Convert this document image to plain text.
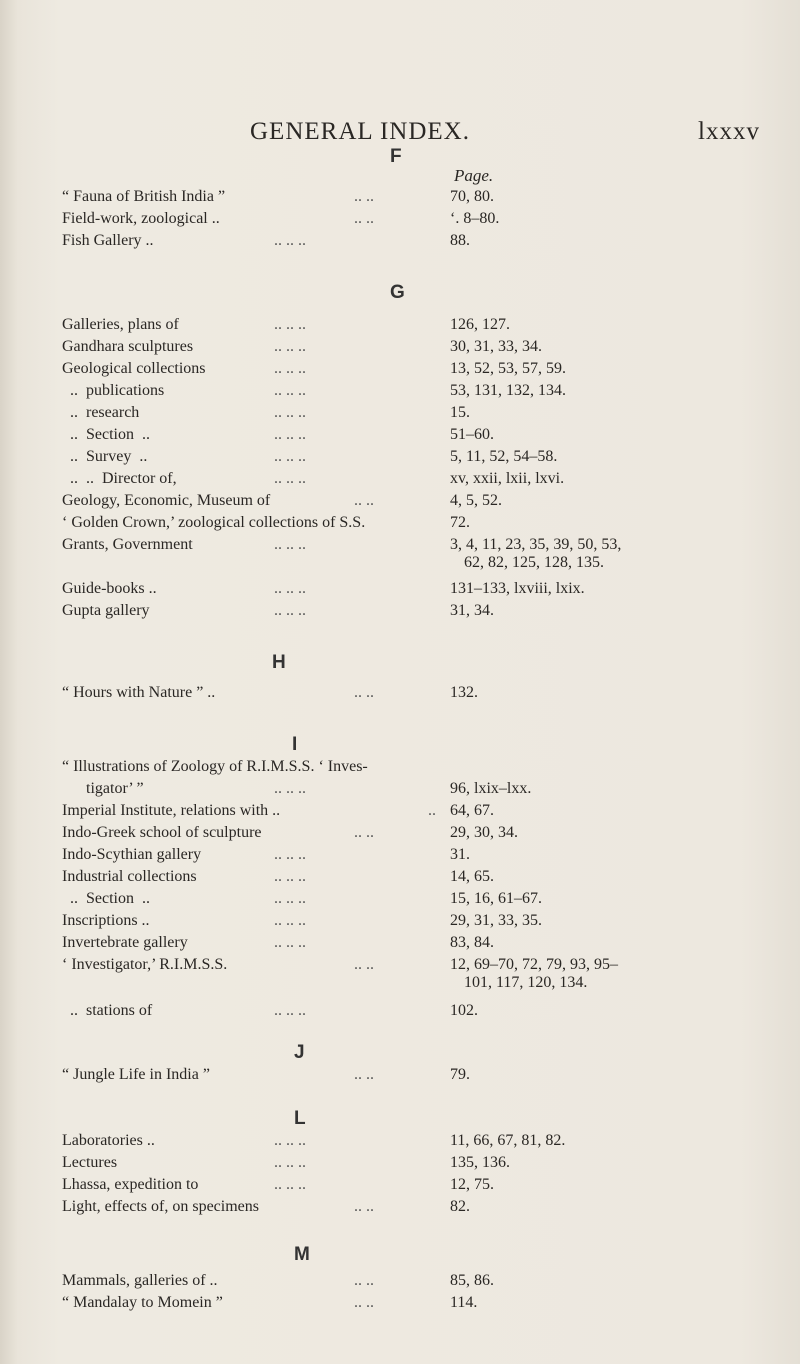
GENERAL INDEX.	lxxxv
F
Page.
“ Fauna of British India ”	.. ..	70, 80.
Field-work, zoological ..	.. ..	‘. 8–80.
Fish Gallery ..	.. .. ..	88.
G
Galleries, plans of	.. .. ..	126, 127.
Gandhara sculptures	.. .. ..	30, 31, 33, 34.
Geological collections	.. .. ..	13, 52, 53, 57, 59.
..  publications	.. .. ..	53, 131, 132, 134.
..  research	.. .. ..	15.
..  Section  ..	.. .. ..	51–60.
..  Survey  ..	.. .. ..	5, 11, 52, 54–58.
..  ..  Director of,	.. .. ..	xv, xxii, lxii, lxvi.
Geology, Economic, Museum of	.. ..	4, 5, 52.
‘ Golden Crown,’ zoological collections of S.S.	72.
Grants, Government	.. .. ..	3, 4, 11, 23, 35, 39, 50, 53,
62, 82, 125, 128, 135.
Guide-books ..	.. .. ..	131–133, lxviii, lxix.
Gupta gallery	.. .. ..	31, 34.
H
“ Hours with Nature ” ..	.. ..	132.
I
“ Illustrations of Zoology of R.I.M.S.S. ‘ Inves-
tigator’ ”	.. .. ..	96, lxix–lxx.
Imperial Institute, relations with ..	.. 64, 67.
Indo-Greek school of sculpture	.. ..	29, 30, 34.
Indo-Scythian gallery	.. .. ..	31.
Industrial collections	.. .. ..	14, 65.
..  Section  ..	.. .. ..	15, 16, 61–67.
Inscriptions ..	.. .. ..	29, 31, 33, 35.
Invertebrate gallery	.. .. ..	83, 84.
‘ Investigator,’ R.I.M.S.S.	.. ..	12, 69–70, 72, 79, 93, 95–
101, 117, 120, 134.
..  stations of	.. .. ..	102.
J
“ Jungle Life in India ”	.. ..	79.
L
Laboratories ..	.. .. ..	11, 66, 67, 81, 82.
Lectures	.. .. ..	135, 136.
Lhassa, expedition to	.. .. ..	12, 75.
Light, effects of, on specimens	.. ..	82.
M
Mammals, galleries of ..	.. ..	85, 86.
“ Mandalay to Momein ”	.. ..	114.
